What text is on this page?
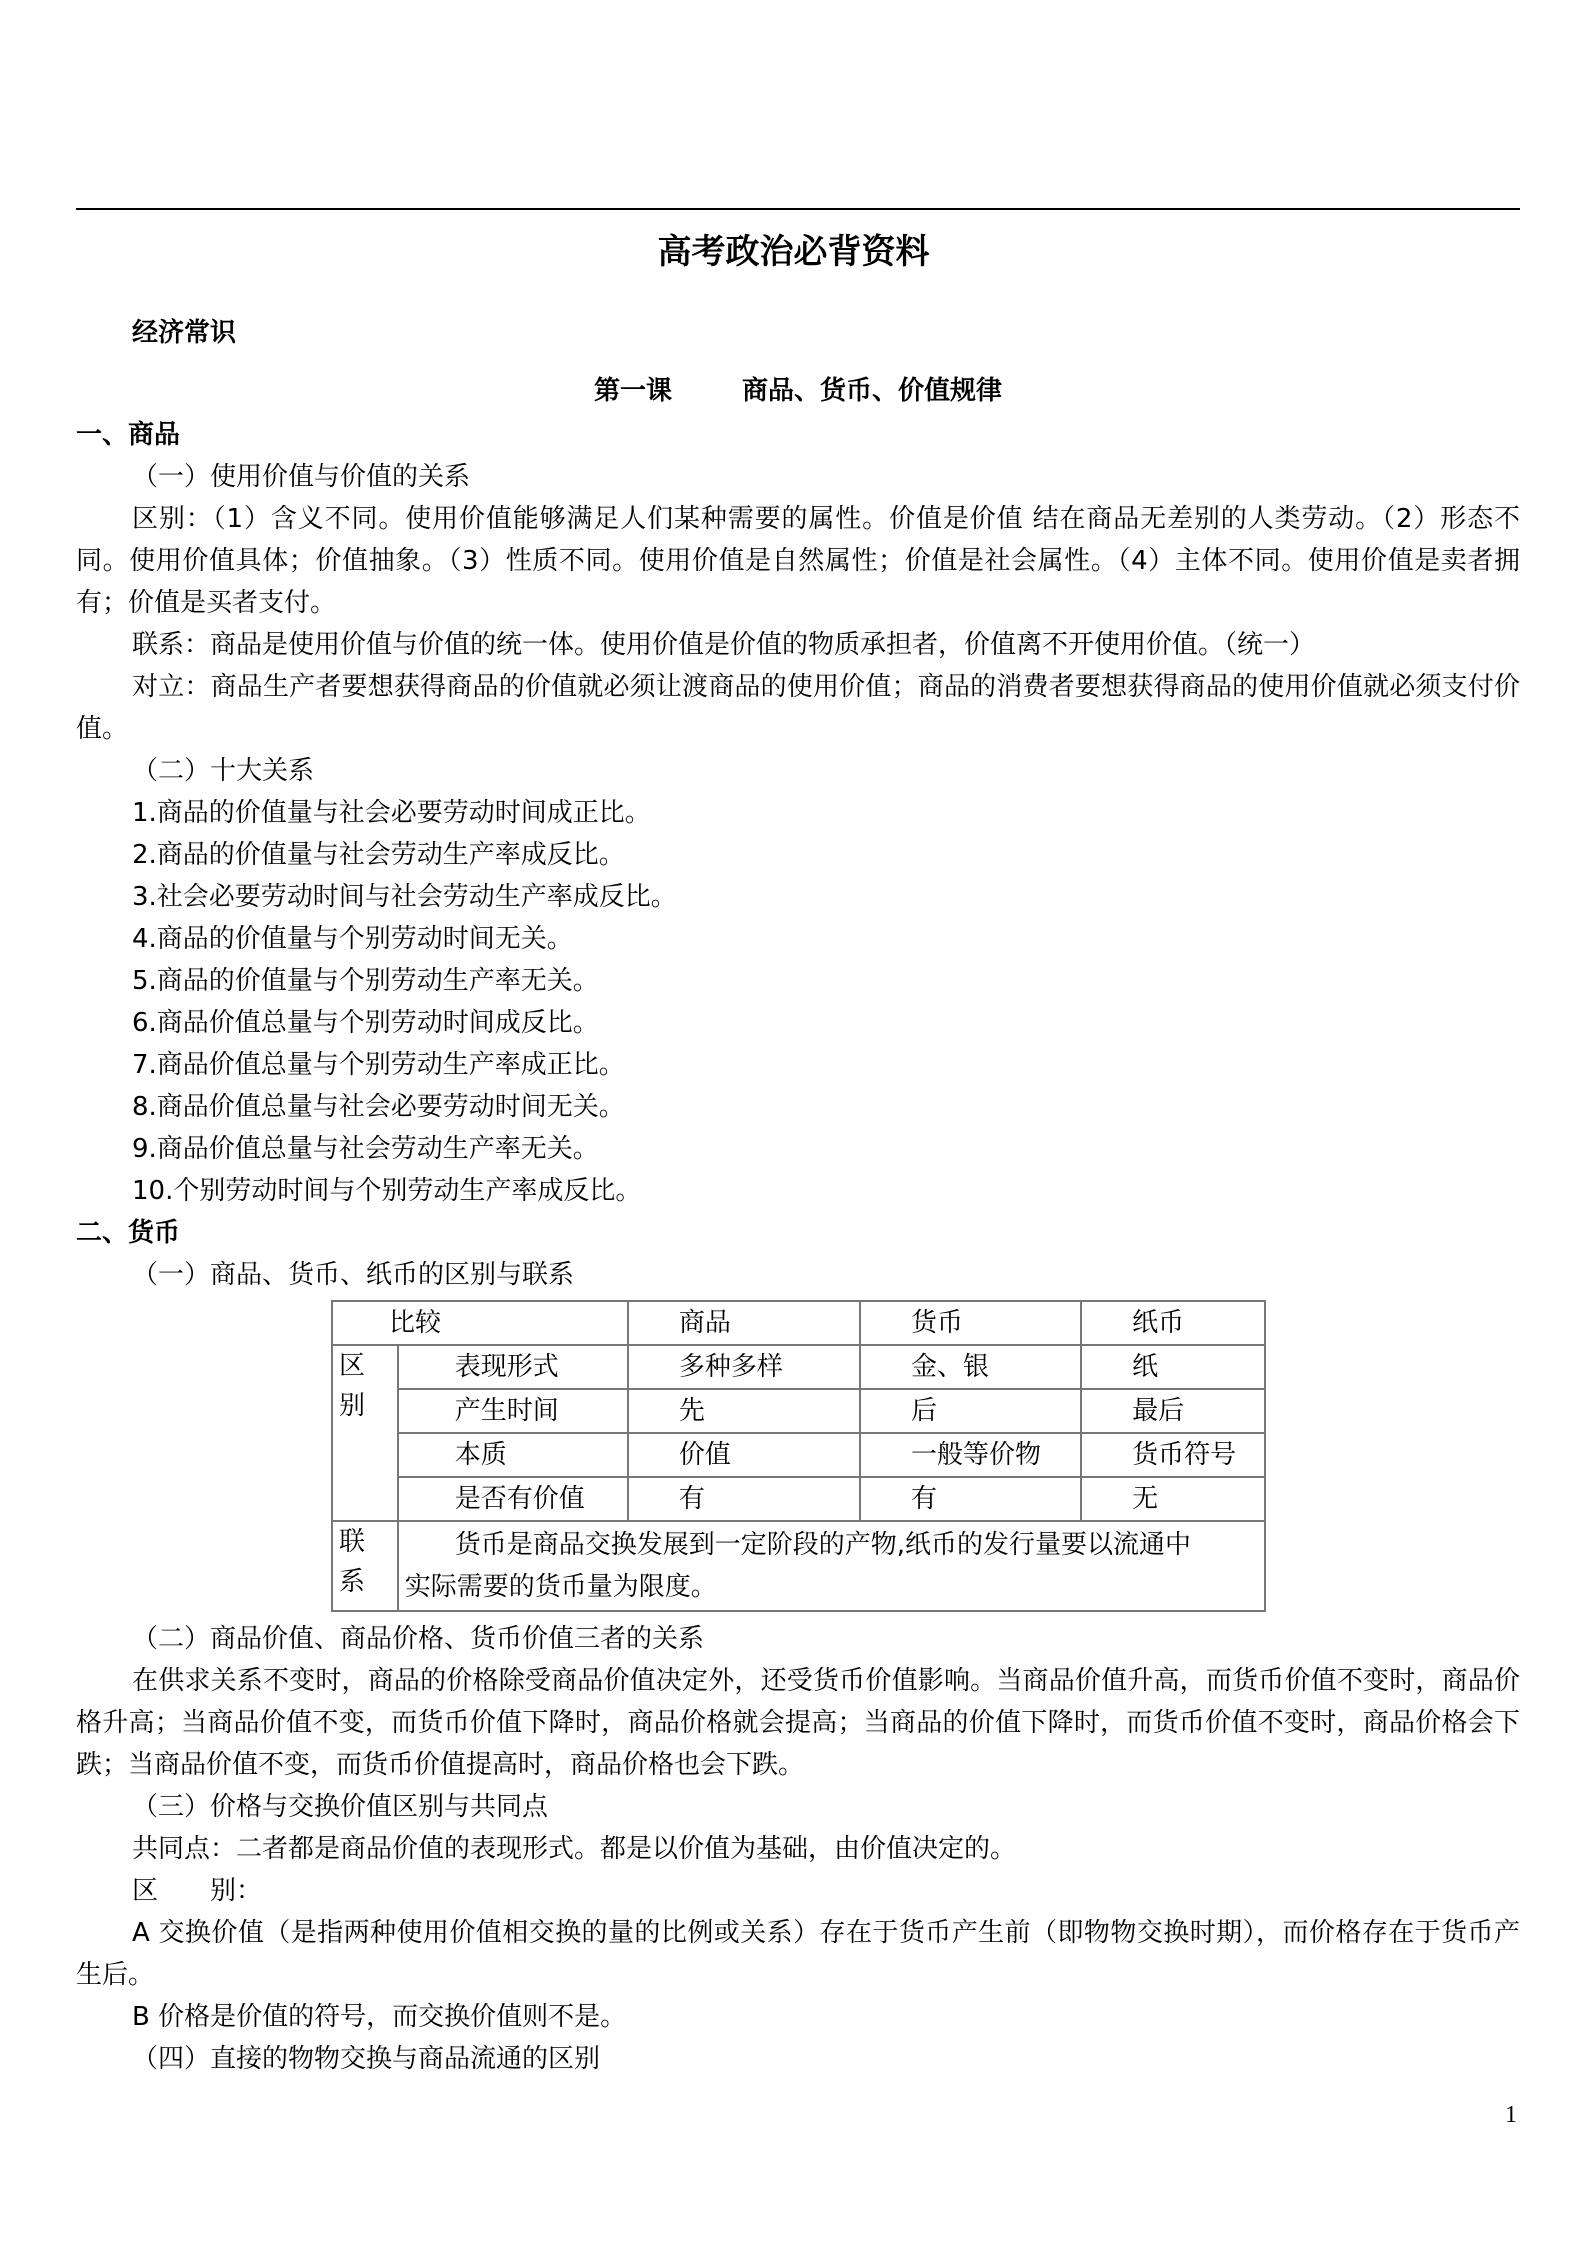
高考政治必背资料

经济常识

第一课	商品、货币、价值规律

一、商品

（一）使用价值与价值的关系

区别：（1）含义不同。使用价值能够满足人们某种需要的属性。价值是价值 结在商品无差别的人类劳动。（2）形态不同。使用价值具体；价值抽象。（3）性质不同。使用价值是自然属性；价值是社会属性。（4）主体不同。使用价值是卖者拥有；价值是买者支付。

联系：商品是使用价值与价值的统一体。使用价值是价值的物质承担者，价值离不开使用价值。（统一）

对立：商品生产者要想获得商品的价值就必须让渡商品的使用价值；商品的消费者要想获得商品的使用价值就必须支付价值。

（二）十大关系

1.商品的价值量与社会必要劳动时间成正比。

2.商品的价值量与社会劳动生产率成反比。

3.社会必要劳动时间与社会劳动生产率成反比。

4.商品的价值量与个别劳动时间无关。

5.商品的价值量与个别劳动生产率无关。

6.商品价值总量与个别劳动时间成反比。

7.商品价值总量与个别劳动生产率成正比。

8.商品价值总量与社会必要劳动时间无关。

9.商品价值总量与社会劳动生产率无关。

10.个别劳动时间与个别劳动生产率成反比。

二、货币

（一）商品、货币、纸币的区别与联系

比较		商品	货币	纸币
区别	表现形式	多种多样	金、银	纸
	产生时间	先	后	最后
	本质	价值	一般等价物	货币符号
	是否有价值	有	有	无
联系	货币是商品交换发展到一定阶段的产物,纸币的发行量要以流通中
实际需要的货币量为限度。			

（二）商品价值、商品价格、货币价值三者的关系

在供求关系不变时，商品的价格除受商品价值决定外，还受货币价值影响。当商品价值升高，而货币价值不变时，商品价格升高；当商品价值不变，而货币价值下降时，商品价格就会提高；当商品的价值下降时，而货币价值不变时，商品价格会下跌；当商品价值不变，而货币价值提高时，商品价格也会下跌。

（三）价格与交换价值区别与共同点

共同点：二者都是商品价值的表现形式。都是以价值为基础，由价值决定的。

区　　别：

A 交换价值（是指两种使用价值相交换的量的比例或关系）存在于货币产生前（即物物交换时期），而价格存在于货币产生后。

B 价格是价值的符号，而交换价值则不是。

（四）直接的物物交换与商品流通的区别

1
